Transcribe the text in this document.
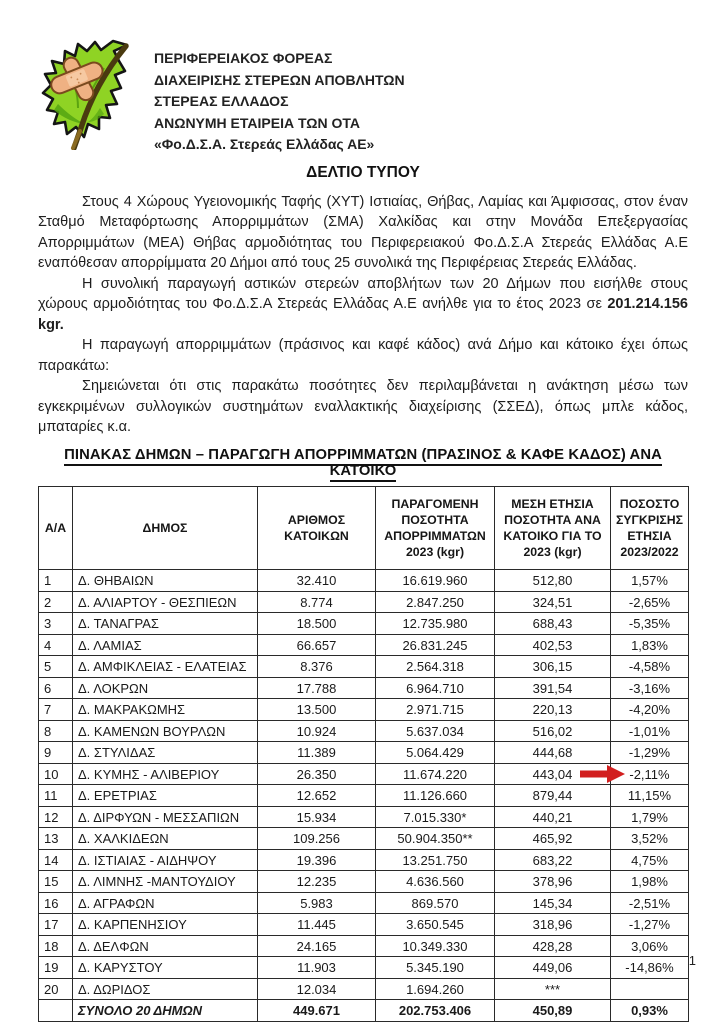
ΠΕΡΙΦΕΡΕΙΑΚΟΣ ΦΟΡΕΑΣ
ΔΙΑΧΕΙΡΙΣΗΣ ΣΤΕΡΕΩΝ ΑΠΟΒΛΗΤΩΝ
ΣΤΕΡΕΑΣ ΕΛΛΑΔΟΣ
ΑΝΩΝΥΜΗ ΕΤΑΙΡΕΙΑ ΤΩΝ ΟΤΑ
«Φο.Δ.Σ.Α. Στερεάς Ελλάδας ΑΕ»
ΔΕΛΤΙΟ ΤΥΠΟΥ

Στους 4 Χώρους Υγειονομικής Ταφής (ΧΥΤ) Ιστιαίας, Θήβας, Λαμίας και Άμφισσας, στον έναν Σταθμό Μεταφόρτωσης Απορριμμάτων (ΣΜΑ) Χαλκίδας και στην Μονάδα Επεξεργασίας Απορριμμάτων (ΜΕΑ) Θήβας αρμοδιότητας του Περιφερειακού Φο.Δ.Σ.Α Στερεάς Ελλάδας Α.Ε εναπόθεσαν απορρίμματα 20 Δήμοι από τους 25 συνολικά της Περιφέρειας Στερεάς Ελλάδας.

Η συνολική παραγωγή αστικών στερεών αποβλήτων των 20 Δήμων που εισήλθε στους χώρους αρμοδιότητας του Φο.Δ.Σ.Α Στερεάς Ελλάδας Α.Ε ανήλθε για το έτος 2023 σε 201.214.156 kgr.

Η παραγωγή απορριμμάτων (πράσινος και καφέ κάδος) ανά Δήμο και κάτοικο έχει όπως παρακάτω:

Σημειώνεται ότι στις παρακάτω ποσότητες δεν περιλαμβάνεται η ανάκτηση μέσω των εγκεκριμένων συλλογικών συστημάτων εναλλακτικής διαχείρισης (ΣΣΕΔ), όπως μπλε κάδος, μπαταρίες κ.α.

ΠΙΝΑΚΑΣ ΔΗΜΩΝ – ΠΑΡΑΓΩΓΗ ΑΠΟΡΡΙΜΜΑΤΩΝ (ΠΡΑΣΙΝΟΣ & ΚΑΦΕ ΚΑΔΟΣ) ΑΝΑ ΚΑΤΟΙΚΟ
Α/Α	ΔΗΜΟΣ	ΑΡΙΘΜΟΣ ΚΑΤΟΙΚΩΝ	ΠΑΡΑΓΟΜΕΝΗ ΠΟΣΟΤΗΤΑ ΑΠΟΡΡΙΜΜΑΤΩΝ 2023 (kgr)	ΜΕΣΗ ΕΤΗΣΙΑ ΠΟΣΟΤΗΤΑ ΑΝΑ ΚΑΤΟΙΚΟ ΓΙΑ ΤΟ 2023 (kgr)	ΠΟΣΟΣΤΟ ΣΥΓΚΡΙΣΗΣ ΕΤΗΣΙΑ 2023/2022
1	Δ. ΘΗΒΑΙΩΝ	32.410	16.619.960	512,80	1,57%
2	Δ. ΑΛΙΑΡΤΟΥ - ΘΕΣΠΙΕΩΝ	8.774	2.847.250	324,51	-2,65%
3	Δ. ΤΑΝΑΓΡΑΣ	18.500	12.735.980	688,43	-5,35%
4	Δ. ΛΑΜΙΑΣ	66.657	26.831.245	402,53	1,83%
5	Δ. ΑΜΦΙΚΛΕΙΑΣ - ΕΛΑΤΕΙΑΣ	8.376	2.564.318	306,15	-4,58%
6	Δ. ΛΟΚΡΩΝ	17.788	6.964.710	391,54	-3,16%
7	Δ. ΜΑΚΡΑΚΩΜΗΣ	13.500	2.971.715	220,13	-4,20%
8	Δ. ΚΑΜΕΝΩΝ ΒΟΥΡΛΩΝ	10.924	5.637.034	516,02	-1,01%
9	Δ. ΣΤΥΛΙΔΑΣ	11.389	5.064.429	444,68	-1,29%
10	Δ. ΚΥΜΗΣ - ΑΛΙΒΕΡΙΟΥ	26.350	11.674.220	443,04	-2,11%
11	Δ. ΕΡΕΤΡΙΑΣ	12.652	11.126.660	879,44	11,15%
12	Δ. ΔΙΡΦΥΩΝ - ΜΕΣΣΑΠΙΩΝ	15.934	7.015.330*	440,21	1,79%
13	Δ. ΧΑΛΚΙΔΕΩΝ	109.256	50.904.350**	465,92	3,52%
14	Δ. ΙΣΤΙΑΙΑΣ - ΑΙΔΗΨΟΥ	19.396	13.251.750	683,22	4,75%
15	Δ. ΛΙΜΝΗΣ -ΜΑΝΤΟΥΔΙΟΥ	12.235	4.636.560	378,96	1,98%
16	Δ. ΑΓΡΑΦΩΝ	5.983	869.570	145,34	-2,51%
17	Δ. ΚΑΡΠΕΝΗΣΙΟΥ	11.445	3.650.545	318,96	-1,27%
18	Δ. ΔΕΛΦΩΝ	24.165	10.349.330	428,28	3,06%
19	Δ. ΚΑΡΥΣΤΟΥ	11.903	5.345.190	449,06	-14,86%
20	Δ. ΔΩΡΙΔΟΣ	12.034	1.694.260	***	
	ΣΥΝΟΛΟ 20 ΔΗΜΩΝ	449.671	202.753.406	450,89	0,93%
1
